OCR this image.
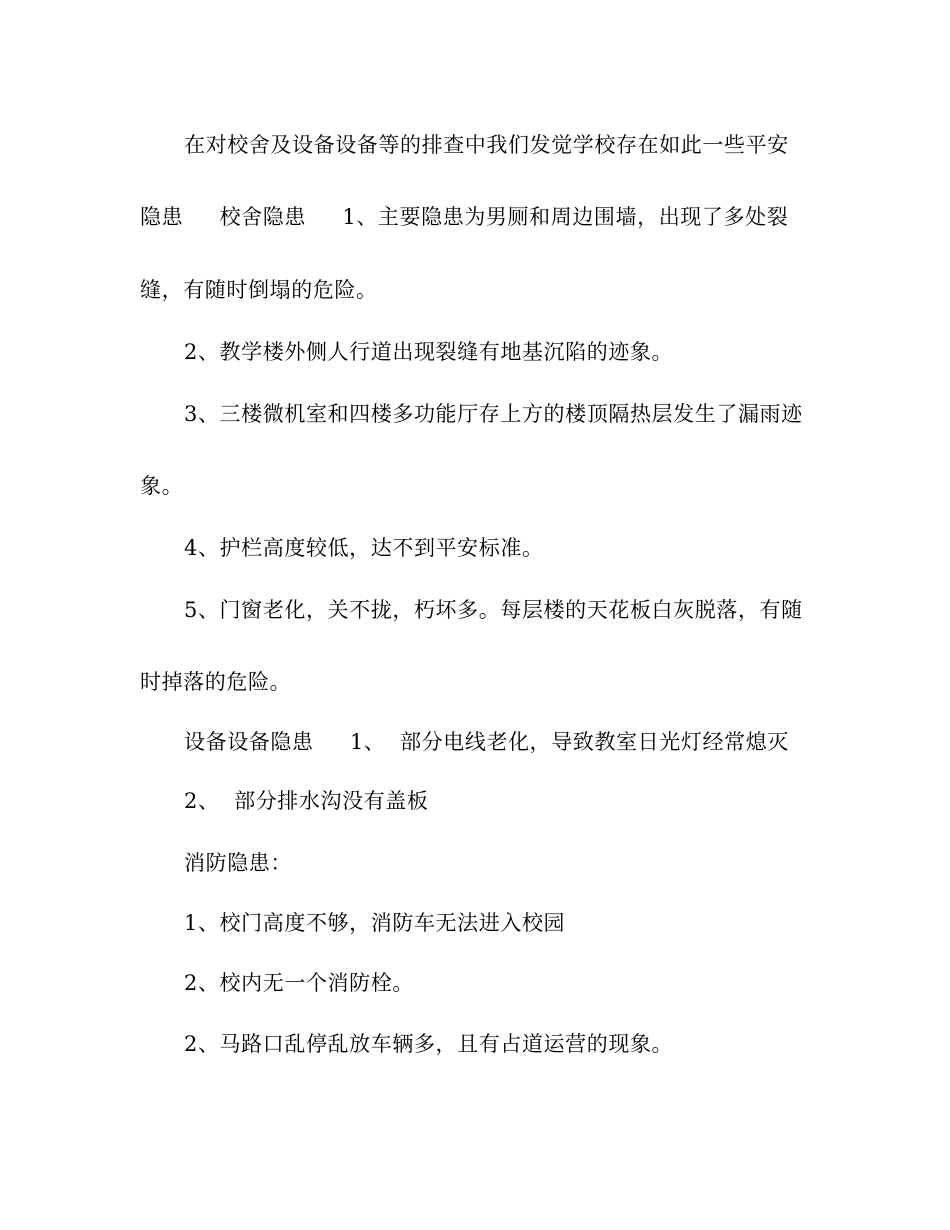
在对校舍及设备设备等的排查中我们发觉学校存在如此一些平安
隐患     校舍隐患     1、主要隐患为男厕和周边围墙，出现了多处裂
缝，有随时倒塌的危险。
2、教学楼外侧人行道出现裂缝有地基沉陷的迹象。
3、三楼微机室和四楼多功能厅存上方的楼顶隔热层发生了漏雨迹
象。
4、护栏高度较低，达不到平安标准。
5、门窗老化，关不拢，朽坏多。每层楼的天花板白灰脱落，有随
时掉落的危险。
设备设备隐患     1、  部分电线老化，导致教室日光灯经常熄灭
2、  部分排水沟没有盖板
消防隐患：
1、校门高度不够，消防车无法进入校园
2、校内无一个消防栓。
2、马路口乱停乱放车辆多，且有占道运营的现象。
